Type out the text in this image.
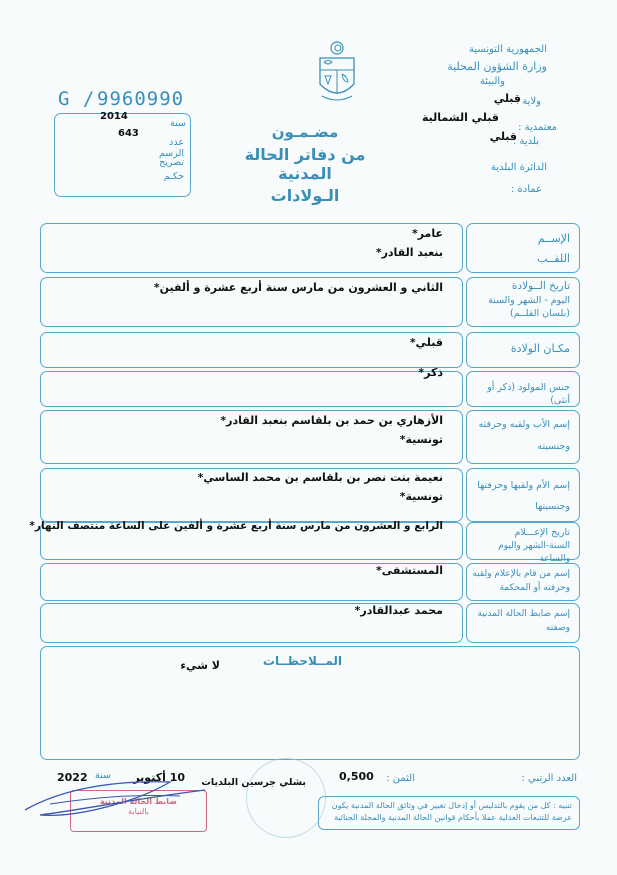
الجمهورية التونسية
وزارة الشؤون المحلية
والبيئة
ولاية :
قبلي
معتمدية :
قبلي الشمالية
بلدية :
قبلي
الدائرة البلدية
عمادة :
G / 9960990
2014
سنة
643
عدد الرسم
تصريح
حكـم
مضـمـون
من دفاتر الحالة المدنية
الـولادات
الإســم
اللقــب
عامر*
بنعبد القادر*
تاريخ الــولادة
اليوم - الشهر والسنة
(بلسان القلــم)
الثاني و العشرون من مارس سنة أربع عشرة و ألفين*
مكـان الولادة
قبلي*
جنس المولود (ذكر أو أنثى)
ذكر*
إسم الأب ولقبه وحرفته
وجنسيته
الأزهاري بن حمد بن بلقاسم بنعبد القادر*
تونسية*
إسم الأم ولقبها وحرفتها
وجنسيتها
نعيمة بنت نصر بن بلقاسم بن محمد الساسي*
تونسية*
تاريخ الإعـــلام
السنة-الشهر واليوم والساعة
الرابع و العشرون من مارس سنة أربع عشرة و ألفين على الساعة منتصف النهار*
إسم من قام بالإعلام ولقبه
وحرفته أو المحكمة
المستشفى*
إسم ضابط الحالة المدنية
وصفته
محمد عبدالقادر*
المــلاحظــات
لا شيء
العدد الرتبي :
الثمن :
0,500
بشلي جرسين البلديات
10 أكتوبر
سنة
2022
تنبيه : كل من يقوم بالتدليس أو إدخال تغيير في وثائق الحالة المدنية يكون عرضة للتتبعات العدلية عملا بأحكام قوانين الحالة المدنية والمجلة الجنائية
ضابط الحالة المدنية
بالنيابة
